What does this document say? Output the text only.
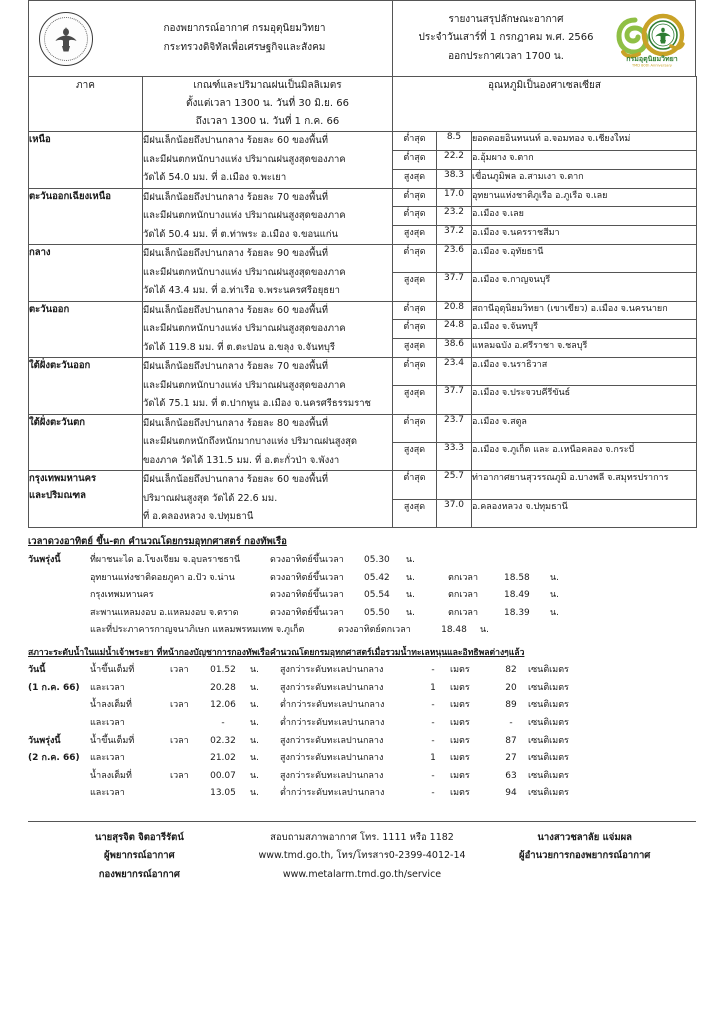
กองพยากรณ์อากาศ กรมอุตุนิยมวิทยา
กระทรวงดิจิทัลเพื่อเศรษฐกิจและสังคม
รายงานสรุปลักษณะอากาศ
ประจำวันเสาร์ที่ 1 กรกฎาคม พ.ศ. 2566
ออกประกาศเวลา 1700 น.	กรมอุตุนิยมวิทยา
TMD 80th Anniversary
ภาค	เกณฑ์และปริมาณฝนเป็นมิลลิเมตร
ตั้งแต่เวลา 1300 น. วันที่ 30 มิ.ย. 66
ถึงเวลา 1300 น. วันที่ 1 ก.ค. 66	อุณหภูมิเป็นองศาเซลเซียส		
เหนือ	มีฝนเล็กน้อยถึงปานกลาง ร้อยละ 60 ของพื้นที่
และมีฝนตกหนักบางแห่ง ปริมาณฝนสูงสุดของภาค
วัดได้ 54.0 มม. ที่ อ.เมือง จ.พะเยา	ต่ำสุด	8.5	ยอดดอยอินทนนท์ อ.จอมทอง จ.เชียงใหม่
		ต่ำสุด	22.2	อ.อุ้มผาง จ.ตาก
		สูงสุด	38.3	เขื่อนภูมิพล อ.สามเงา จ.ตาก
ตะวันออกเฉียงเหนือ	มีฝนเล็กน้อยถึงปานกลาง ร้อยละ 70 ของพื้นที่
และมีฝนตกหนักบางแห่ง ปริมาณฝนสูงสุดของภาค
วัดได้ 50.4 มม. ที่ ต.ท่าพระ อ.เมือง จ.ขอนแก่น	ต่ำสุด	17.0	อุทยานแห่งชาติภูเรือ อ.ภูเรือ จ.เลย
		ต่ำสุด	23.2	อ.เมือง จ.เลย
		สูงสุด	37.2	อ.เมือง จ.นครราชสีมา
กลาง	มีฝนเล็กน้อยถึงปานกลาง ร้อยละ 90 ของพื้นที่
และมีฝนตกหนักบางแห่ง ปริมาณฝนสูงสุดของภาค
วัดได้ 43.4 มม. ที่ อ.ท่าเรือ จ.พระนครศรีอยุธยา	ต่ำสุด	23.6	อ.เมือง จ.อุทัยธานี
		สูงสุด	37.7	อ.เมือง จ.กาญจนบุรี
ตะวันออก	มีฝนเล็กน้อยถึงปานกลาง ร้อยละ 60 ของพื้นที่
และมีฝนตกหนักบางแห่ง ปริมาณฝนสูงสุดของภาค
วัดได้ 119.8 มม. ที่ ต.ตะปอน อ.ขลุง จ.จันทบุรี	ต่ำสุด	20.8	สถานีอุตุนิยมวิทยา (เขาเขียว) อ.เมือง จ.นครนายก
		ต่ำสุด	24.8	อ.เมือง จ.จันทบุรี
		สูงสุด	38.6	แหลมฉบัง อ.ศรีราชา จ.ชลบุรี
ใต้ฝั่งตะวันออก	มีฝนเล็กน้อยถึงปานกลาง ร้อยละ 70 ของพื้นที่
และมีฝนตกหนักบางแห่ง ปริมาณฝนสูงสุดของภาค
วัดได้ 75.1 มม. ที่ ต.ปากพูน อ.เมือง จ.นครศรีธรรมราช	ต่ำสุด	23.4	อ.เมือง จ.นราธิวาส
		สูงสุด	37.7	อ.เมือง จ.ประจวบคีรีขันธ์
ใต้ฝั่งตะวันตก	มีฝนเล็กน้อยถึงปานกลาง ร้อยละ 80 ของพื้นที่
และมีฝนตกหนักถึงหนักมากบางแห่ง ปริมาณฝนสูงสุด
ของภาค วัดได้ 131.5 มม. ที่ อ.ตะกั่วป่า จ.พังงา	ต่ำสุด	23.7	อ.เมือง จ.สตูล
		สูงสุด	33.3	อ.เมือง จ.ภูเก็ต และ อ.เหนือคลอง จ.กระบี่

กรุงเทพมหานคร
และปริมณฑล

มีฝนเล็กน้อยถึงปานกลาง ร้อยละ 60 ของพื้นที่
ปริมาณฝนสูงสุด วัดได้ 22.6 มม.
ที่ อ.คลองหลวง จ.ปทุมธานี
	ต่ำสุด	25.7	ท่าอากาศยานสุวรรณภูมิ อ.บางพลี จ.สมุทรปราการ
		สูงสุด	37.0	อ.คลองหลวง จ.ปทุมธานี
เวลาดวงอาทิตย์ ขึ้น-ตก คำนวณโดยกรมอุทกศาสตร์ กองทัพเรือ
วันพรุ่งนี้	ที่ผาชนะได อ.โขงเจียม จ.อุบลราชธานี	ดวงอาทิตย์ขึ้นเวลา	05.30	น.
อุทยานแห่งชาติดอยภูคา อ.ปัว จ.น่าน	ดวงอาทิตย์ขึ้นเวลา	05.42	น.	ตกเวลา	18.58	น.
กรุงเทพมหานคร	ดวงอาทิตย์ขึ้นเวลา	05.54	น.	ตกเวลา	18.49	น.
สะพานแหลมงอบ อ.แหลมงอบ จ.ตราด	ดวงอาทิตย์ขึ้นเวลา	05.50	น.	ตกเวลา	18.39	น.
และที่ประภาคารกาญจนาภิเษก แหลมพรหมเทพ จ.ภูเก็ต	ดวงอาทิตย์ตกเวลา	18.48	น.
สภาวะระดับน้ำในแม่น้ำเจ้าพระยา ที่หน้ากองบัญชาการกองทัพเรือคำนวณโดยกรมอุทกศาสตร์เมื่อรวมน้ำทะเลหนุนและอิทธิพลต่างๆแล้ว
วันนี้	น้ำขึ้นเต็มที่	เวลา	01.52	น.	สูงกว่าระดับทะเลปานกลาง	-	เมตร	82	เซนติเมตร
(1 ก.ค. 66)	และเวลา	20.28	น.	สูงกว่าระดับทะเลปานกลาง	1	เมตร	20	เซนติเมตร
น้ำลงเต็มที่	เวลา	12.06	น.	ต่ำกว่าระดับทะเลปานกลาง	-	เมตร	89	เซนติเมตร
และเวลา	-	น.	ต่ำกว่าระดับทะเลปานกลาง	-	เมตร	-	เซนติเมตร
วันพรุ่งนี้	น้ำขึ้นเต็มที่	เวลา	02.32	น.	สูงกว่าระดับทะเลปานกลาง	-	เมตร	87	เซนติเมตร
(2 ก.ค. 66)	และเวลา	21.02	น.	สูงกว่าระดับทะเลปานกลาง	1	เมตร	27	เซนติเมตร
น้ำลงเต็มที่	เวลา	00.07	น.	สูงกว่าระดับทะเลปานกลาง	-	เมตร	63	เซนติเมตร
และเวลา	13.05	น.	ต่ำกว่าระดับทะเลปานกลาง	-	เมตร	94	เซนติเมตร
นายสุรจิต จิตอารีรัตน์
ผู้พยากรณ์อากาศ
กองพยากรณ์อากาศ
สอบถามสภาพอากาศ โทร. 1111 หรือ 1182
www.tmd.go.th, โทร/โทรสาร0-2399-4012-14
www.metalarm.tmd.go.th/service
นางสาวชลาลัย แจ่มผล
ผู้อำนวยการกองพยากรณ์อากาศ
